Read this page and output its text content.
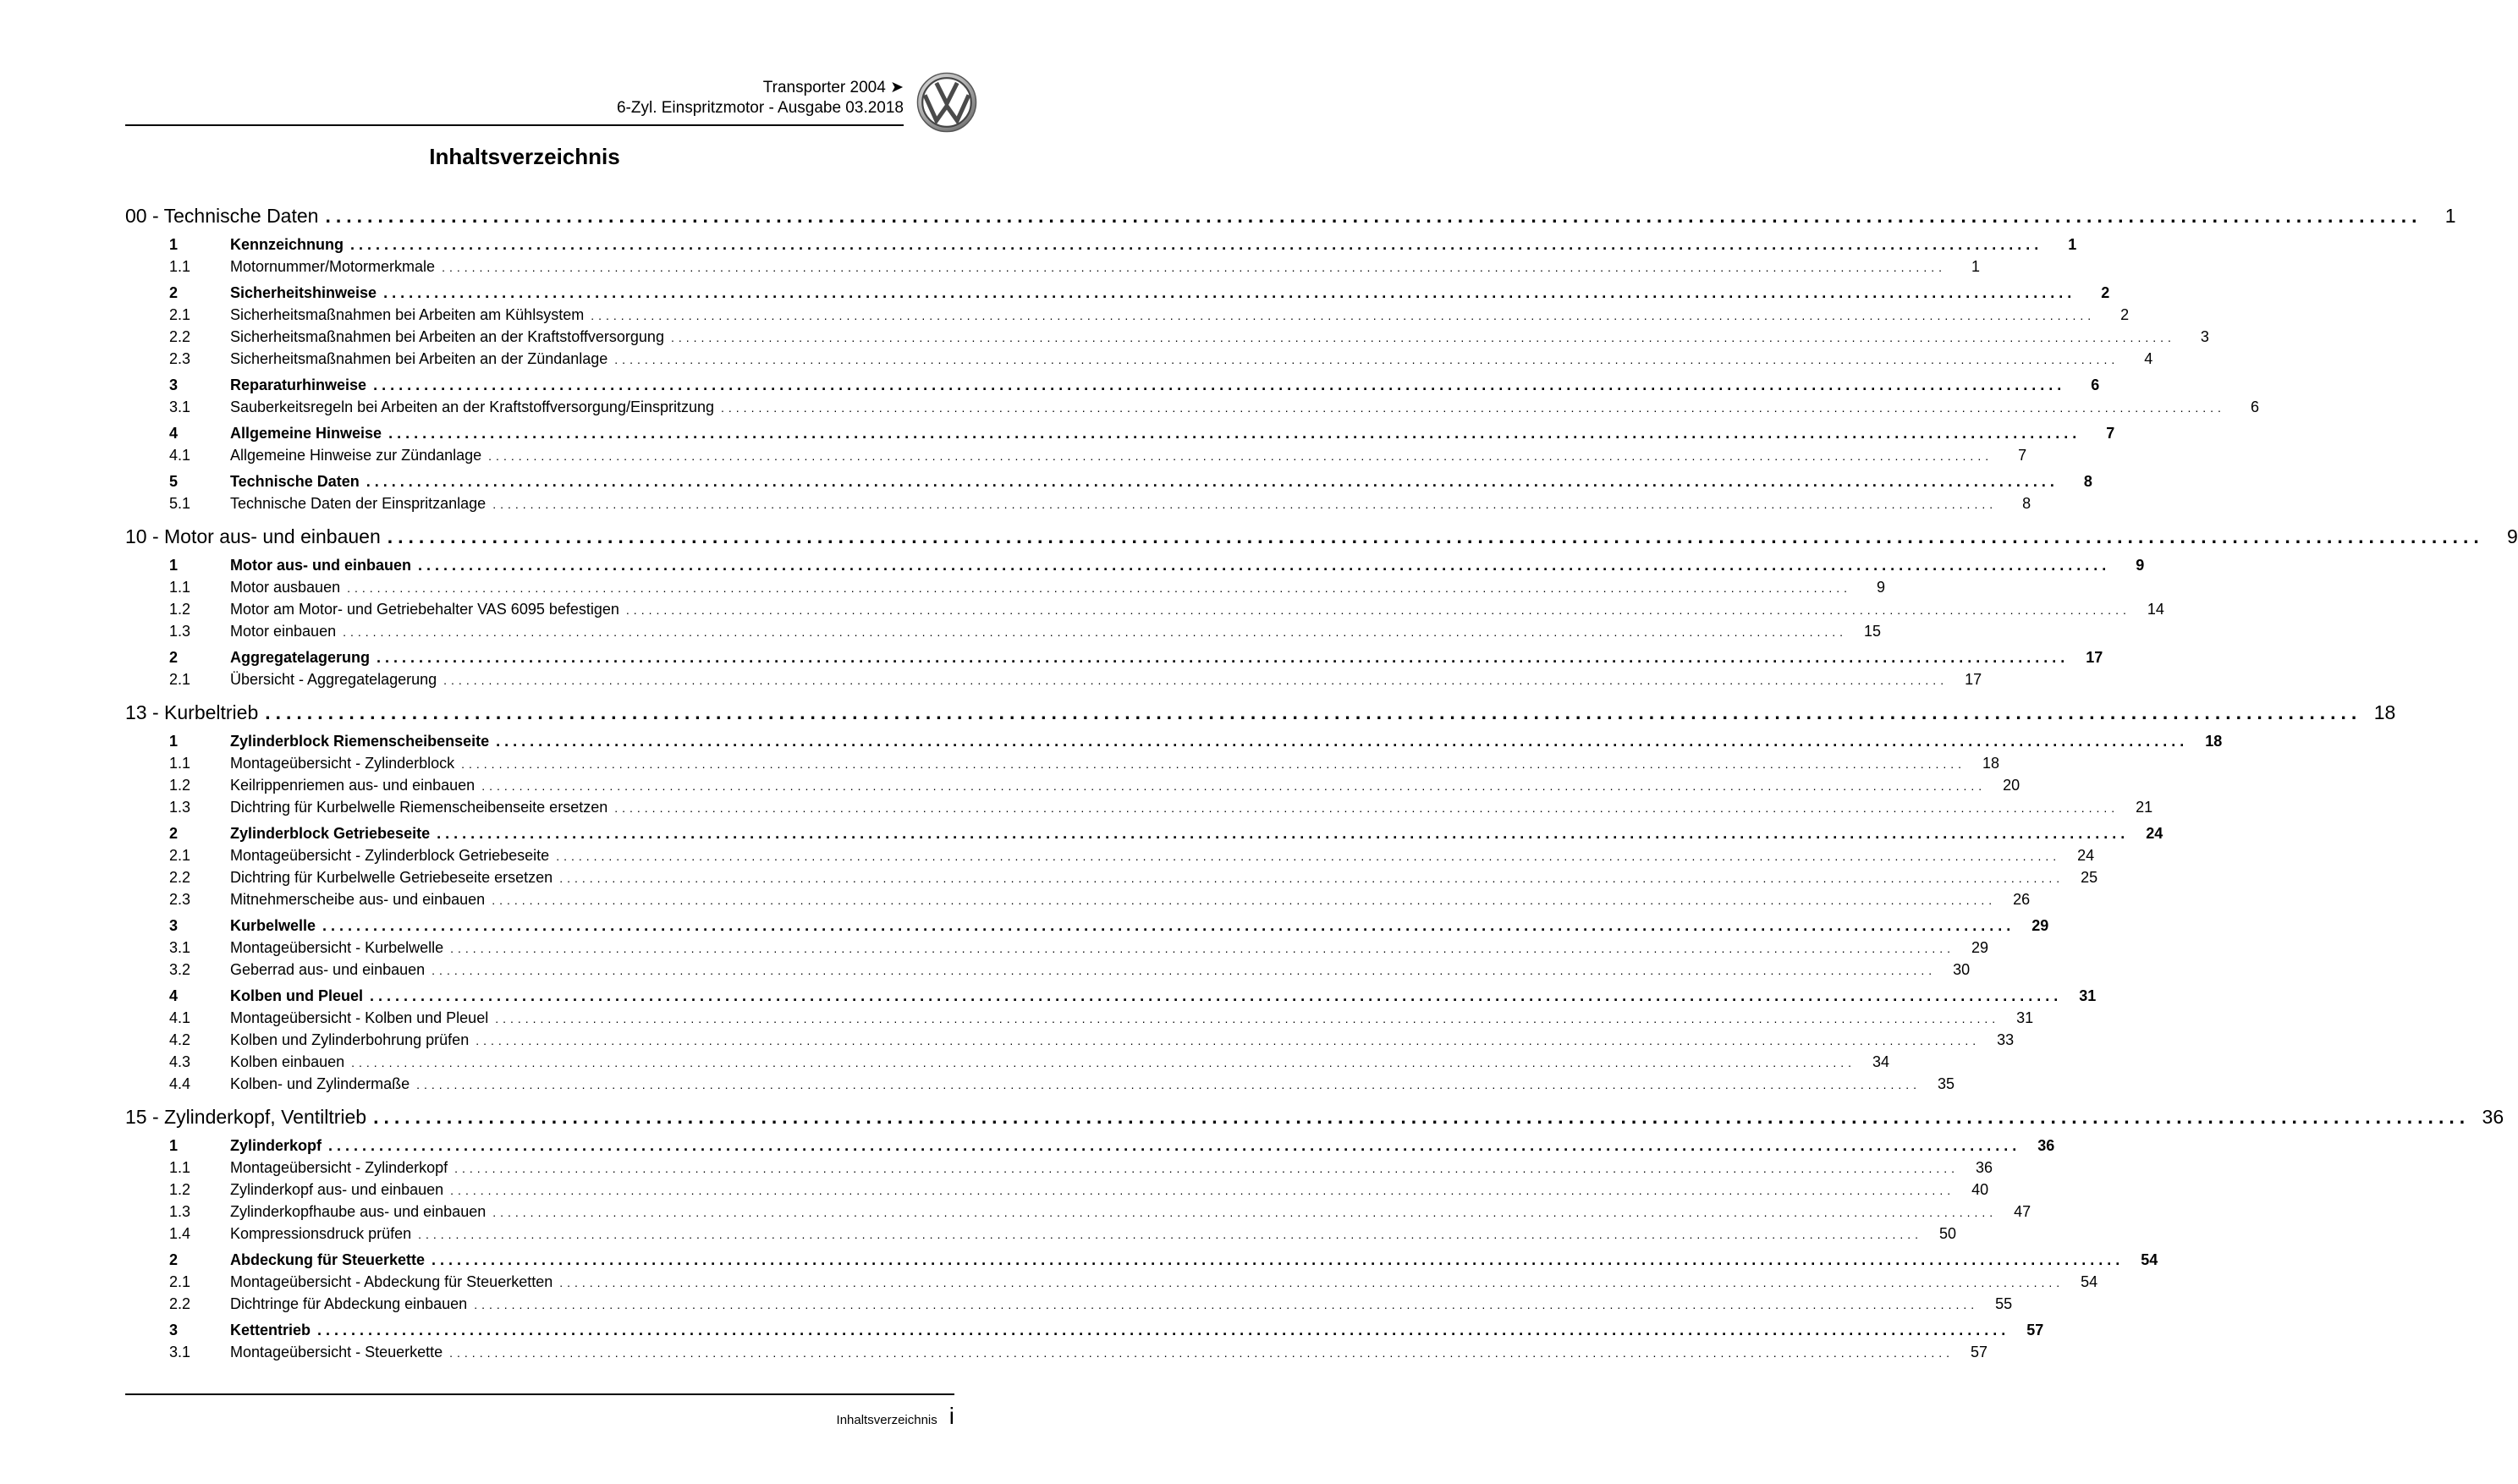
Transporter 2004 ➤
6-Zyl. Einspritzmotor - Ausgabe 03.2018
Inhaltsverzeichnis
00 - Technische Daten ........................................................................................................................................................................................................	1
1	Kennzeichnung ........................................................................................................................................................................................................	1
1.1	Motornummer/Motormerkmale ........................................................................................................................................................................................................	1
2	Sicherheitshinweise ........................................................................................................................................................................................................	2
2.1	Sicherheitsmaßnahmen bei Arbeiten am Kühlsystem ........................................................................................................................................................................................................	2
2.2	Sicherheitsmaßnahmen bei Arbeiten an der Kraftstoffversorgung ........................................................................................................................................................................................................	3
2.3	Sicherheitsmaßnahmen bei Arbeiten an der Zündanlage ........................................................................................................................................................................................................	4
3	Reparaturhinweise ........................................................................................................................................................................................................	6
3.1	Sauberkeitsregeln bei Arbeiten an der Kraftstoffversorgung/Einspritzung ........................................................................................................................................................................................................	6
4	Allgemeine Hinweise ........................................................................................................................................................................................................	7
4.1	Allgemeine Hinweise zur Zündanlage ........................................................................................................................................................................................................	7
5	Technische Daten ........................................................................................................................................................................................................	8
5.1	Technische Daten der Einspritzanlage ........................................................................................................................................................................................................	8
10 - Motor aus- und einbauen ........................................................................................................................................................................................................	9
1	Motor aus- und einbauen ........................................................................................................................................................................................................	9
1.1	Motor ausbauen ........................................................................................................................................................................................................	9
1.2	Motor am Motor- und Getriebehalter VAS 6095 befestigen ........................................................................................................................................................................................................	14
1.3	Motor einbauen ........................................................................................................................................................................................................	15
2	Aggregatelagerung ........................................................................................................................................................................................................	17
2.1	Übersicht - Aggregatelagerung ........................................................................................................................................................................................................	17
13 - Kurbeltrieb ........................................................................................................................................................................................................ 18
1	Zylinderblock Riemenscheibenseite ........................................................................................................................................................................................................	18
1.1	Montageübersicht - Zylinderblock ........................................................................................................................................................................................................	18
1.2	Keilrippenriemen aus- und einbauen ........................................................................................................................................................................................................	20
1.3	Dichtring für Kurbelwelle Riemenscheibenseite ersetzen ........................................................................................................................................................................................................	21
2	Zylinderblock Getriebeseite ........................................................................................................................................................................................................	24
2.1	Montageübersicht - Zylinderblock Getriebeseite ........................................................................................................................................................................................................	24
2.2	Dichtring für Kurbelwelle Getriebeseite ersetzen ........................................................................................................................................................................................................	25
2.3	Mitnehmerscheibe aus- und einbauen ........................................................................................................................................................................................................	26
3	Kurbelwelle ........................................................................................................................................................................................................	29
3.1	Montageübersicht - Kurbelwelle ........................................................................................................................................................................................................	29
3.2	Geberrad aus- und einbauen ........................................................................................................................................................................................................	30
4	Kolben und Pleuel ........................................................................................................................................................................................................	31
4.1	Montageübersicht - Kolben und Pleuel ........................................................................................................................................................................................................	31
4.2	Kolben und Zylinderbohrung prüfen ........................................................................................................................................................................................................	33
4.3	Kolben einbauen ........................................................................................................................................................................................................	34
4.4	Kolben- und Zylindermaße ........................................................................................................................................................................................................	35
15 - Zylinderkopf, Ventiltrieb ........................................................................................................................................................................................................ 36
1	Zylinderkopf ........................................................................................................................................................................................................	36
1.1	Montageübersicht - Zylinderkopf ........................................................................................................................................................................................................	36
1.2	Zylinderkopf aus- und einbauen ........................................................................................................................................................................................................	40
1.3	Zylinderkopfhaube aus- und einbauen ........................................................................................................................................................................................................	47
1.4	Kompressionsdruck prüfen ........................................................................................................................................................................................................	50
2	Abdeckung für Steuerkette ........................................................................................................................................................................................................	54
2.1	Montageübersicht - Abdeckung für Steuerketten ........................................................................................................................................................................................................	54
2.2	Dichtringe für Abdeckung einbauen ........................................................................................................................................................................................................	55
3	Kettentrieb ........................................................................................................................................................................................................	57
3.1	Montageübersicht - Steuerkette ........................................................................................................................................................................................................	57
Inhaltsverzeichnis i
